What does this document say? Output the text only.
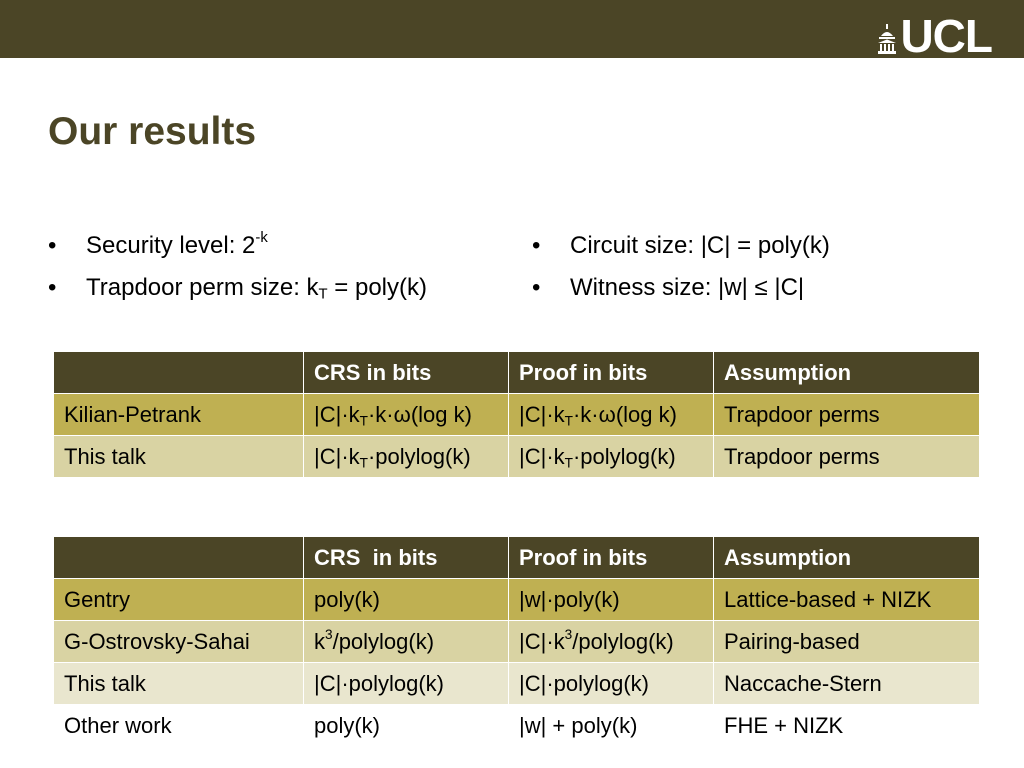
UCL
Our results
• Security level: $2^{-k}$
• Trapdoor perm size: $k_T$ = poly(k)
• Circuit size: |C| = poly(k)
• Witness size: |w| ≤ |C|
	CRS in bits	Proof in bits	Assumption
Kilian-Petrank	$|C|\cdot k_T\cdot k\cdot\omega(\log$ k)	$|C|\cdot k_T\cdot k\cdot\omega(\log$ k)	Trapdoor perms
This talk	$|C|\cdot k_T\cdot polylog(k)$	$|C|\cdot k_T\cdot polylog(k)$	Trapdoor perms
	CRS  in bits	Proof in bits	Assumption
Gentry	poly(k)	|w|·poly(k)	Lattice-based + NIZK
G-Ostrovsky-Sahai	$k^3/polylog(k)$	$|C|\cdot k^3/polylog(k)$	Pairing-based
This talk	|C|·polylog(k)	|C|·polylog(k)	Naccache-Stern
Other work	poly(k)	|w| + poly(k)	FHE + NIZK
